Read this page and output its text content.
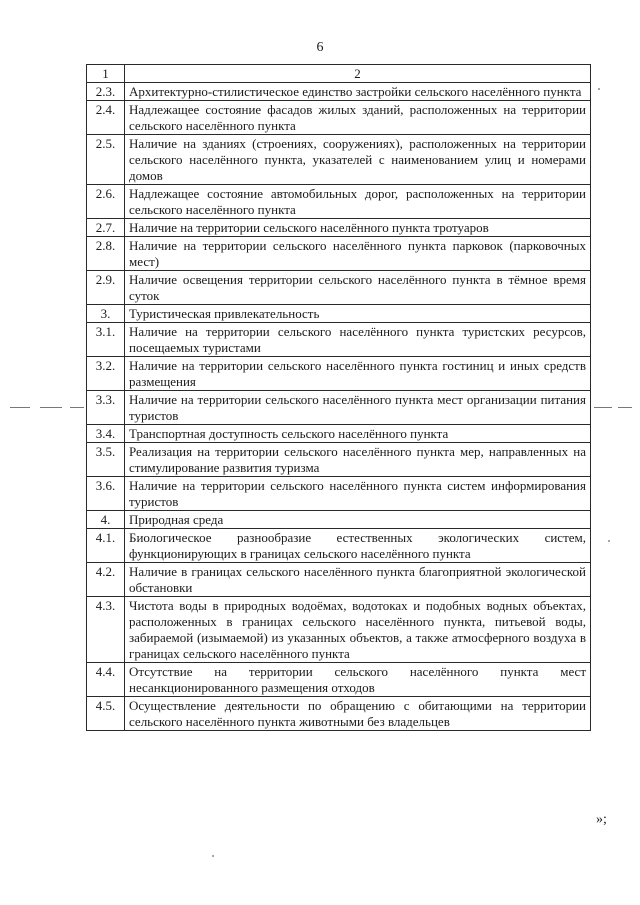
6
1	2
2.3.	Архитектурно-стилистическое единство застройки сельского населённого пункта
2.4.	Надлежащее состояние фасадов жилых зданий, расположенных на территории сельского населённого пункта
2.5.	Наличие на зданиях (строениях, сооружениях), расположенных на территории сельского населённого пункта, указателей с наименованием улиц и номерами домов
2.6.	Надлежащее состояние автомобильных дорог, расположенных на территории сельского населённого пункта
2.7.	Наличие на территории сельского населённого пункта тротуаров
2.8.	Наличие на территории сельского населённого пункта парковок (парковочных мест)
2.9.	Наличие освещения территории сельского населённого пункта в тёмное время суток
3.	Туристическая привлекательность
3.1.	Наличие на территории сельского населённого пункта туристских ресурсов, посещаемых туристами
3.2.	Наличие на территории сельского населённого пункта гостиниц и иных средств размещения
3.3.	Наличие на территории сельского населённого пункта мест организации питания туристов
3.4.	Транспортная доступность сельского населённого пункта
3.5.	Реализация на территории сельского населённого пункта мер, направленных на стимулирование развития туризма
3.6.	Наличие на территории сельского населённого пункта систем информирования туристов
4.	Природная среда
4.1.	Биологическое разнообразие естественных экологических систем, функционирующих в границах сельского населённого пункта
4.2.	Наличие в границах сельского населённого пункта благоприятной экологической обстановки
4.3.	Чистота воды в природных водоёмах, водотоках и подобных водных объектах, расположенных в границах сельского населённого пункта, питьевой воды, забираемой (изымаемой) из указанных объектов, а также атмосферного воздуха в границах сельского населённого пункта
4.4.	Отсутствие на территории сельского населённого пункта мест несанкционированного размещения отходов
4.5.	Осуществление деятельности по обращению с обитающими на территории сельского населённого пункта животными без владельцев
»;
